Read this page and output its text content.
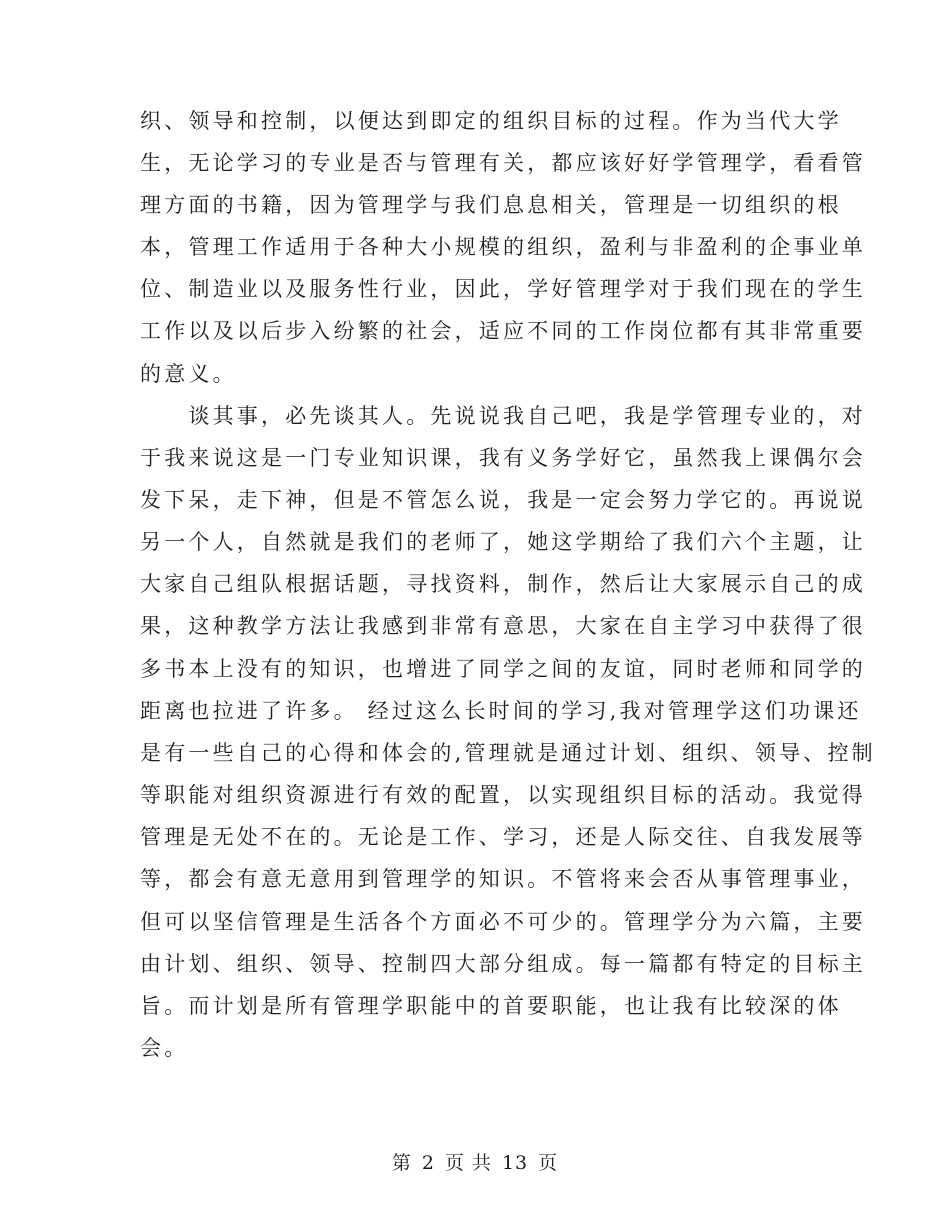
织、领导和控制，以便达到即定的组织目标的过程。作为当代大学
生，无论学习的专业是否与管理有关，都应该好好学管理学，看看管
理方面的书籍，因为管理学与我们息息相关，管理是一切组织的根
本，管理工作适用于各种大小规模的组织，盈利与非盈利的企事业单
位、制造业以及服务性行业，因此，学好管理学对于我们现在的学生
工作以及以后步入纷繁的社会，适应不同的工作岗位都有其非常重要
的意义。
　　谈其事，必先谈其人。先说说我自己吧，我是学管理专业的，对
于我来说这是一门专业知识课，我有义务学好它，虽然我上课偶尔会
发下呆，走下神，但是不管怎么说，我是一定会努力学它的。再说说
另一个人，自然就是我们的老师了，她这学期给了我们六个主题，让
大家自己组队根据话题，寻找资料，制作，然后让大家展示自己的成
果，这种教学方法让我感到非常有意思，大家在自主学习中获得了很
多书本上没有的知识，也增进了同学之间的友谊，同时老师和同学的
距离也拉进了许多。 经过这么长时间的学习,我对管理学这们功课还
是有一些自己的心得和体会的,管理就是通过计划、组织、领导、控制
等职能对组织资源进行有效的配置，以实现组织目标的活动。我觉得
管理是无处不在的。无论是工作、学习，还是人际交往、自我发展等
等，都会有意无意用到管理学的知识。不管将来会否从事管理事业，
但可以坚信管理是生活各个方面必不可少的。管理学分为六篇，主要
由计划、组织、领导、控制四大部分组成。每一篇都有特定的目标主
旨。而计划是所有管理学职能中的首要职能，也让我有比较深的体
会。
第 2 页 共 13 页
